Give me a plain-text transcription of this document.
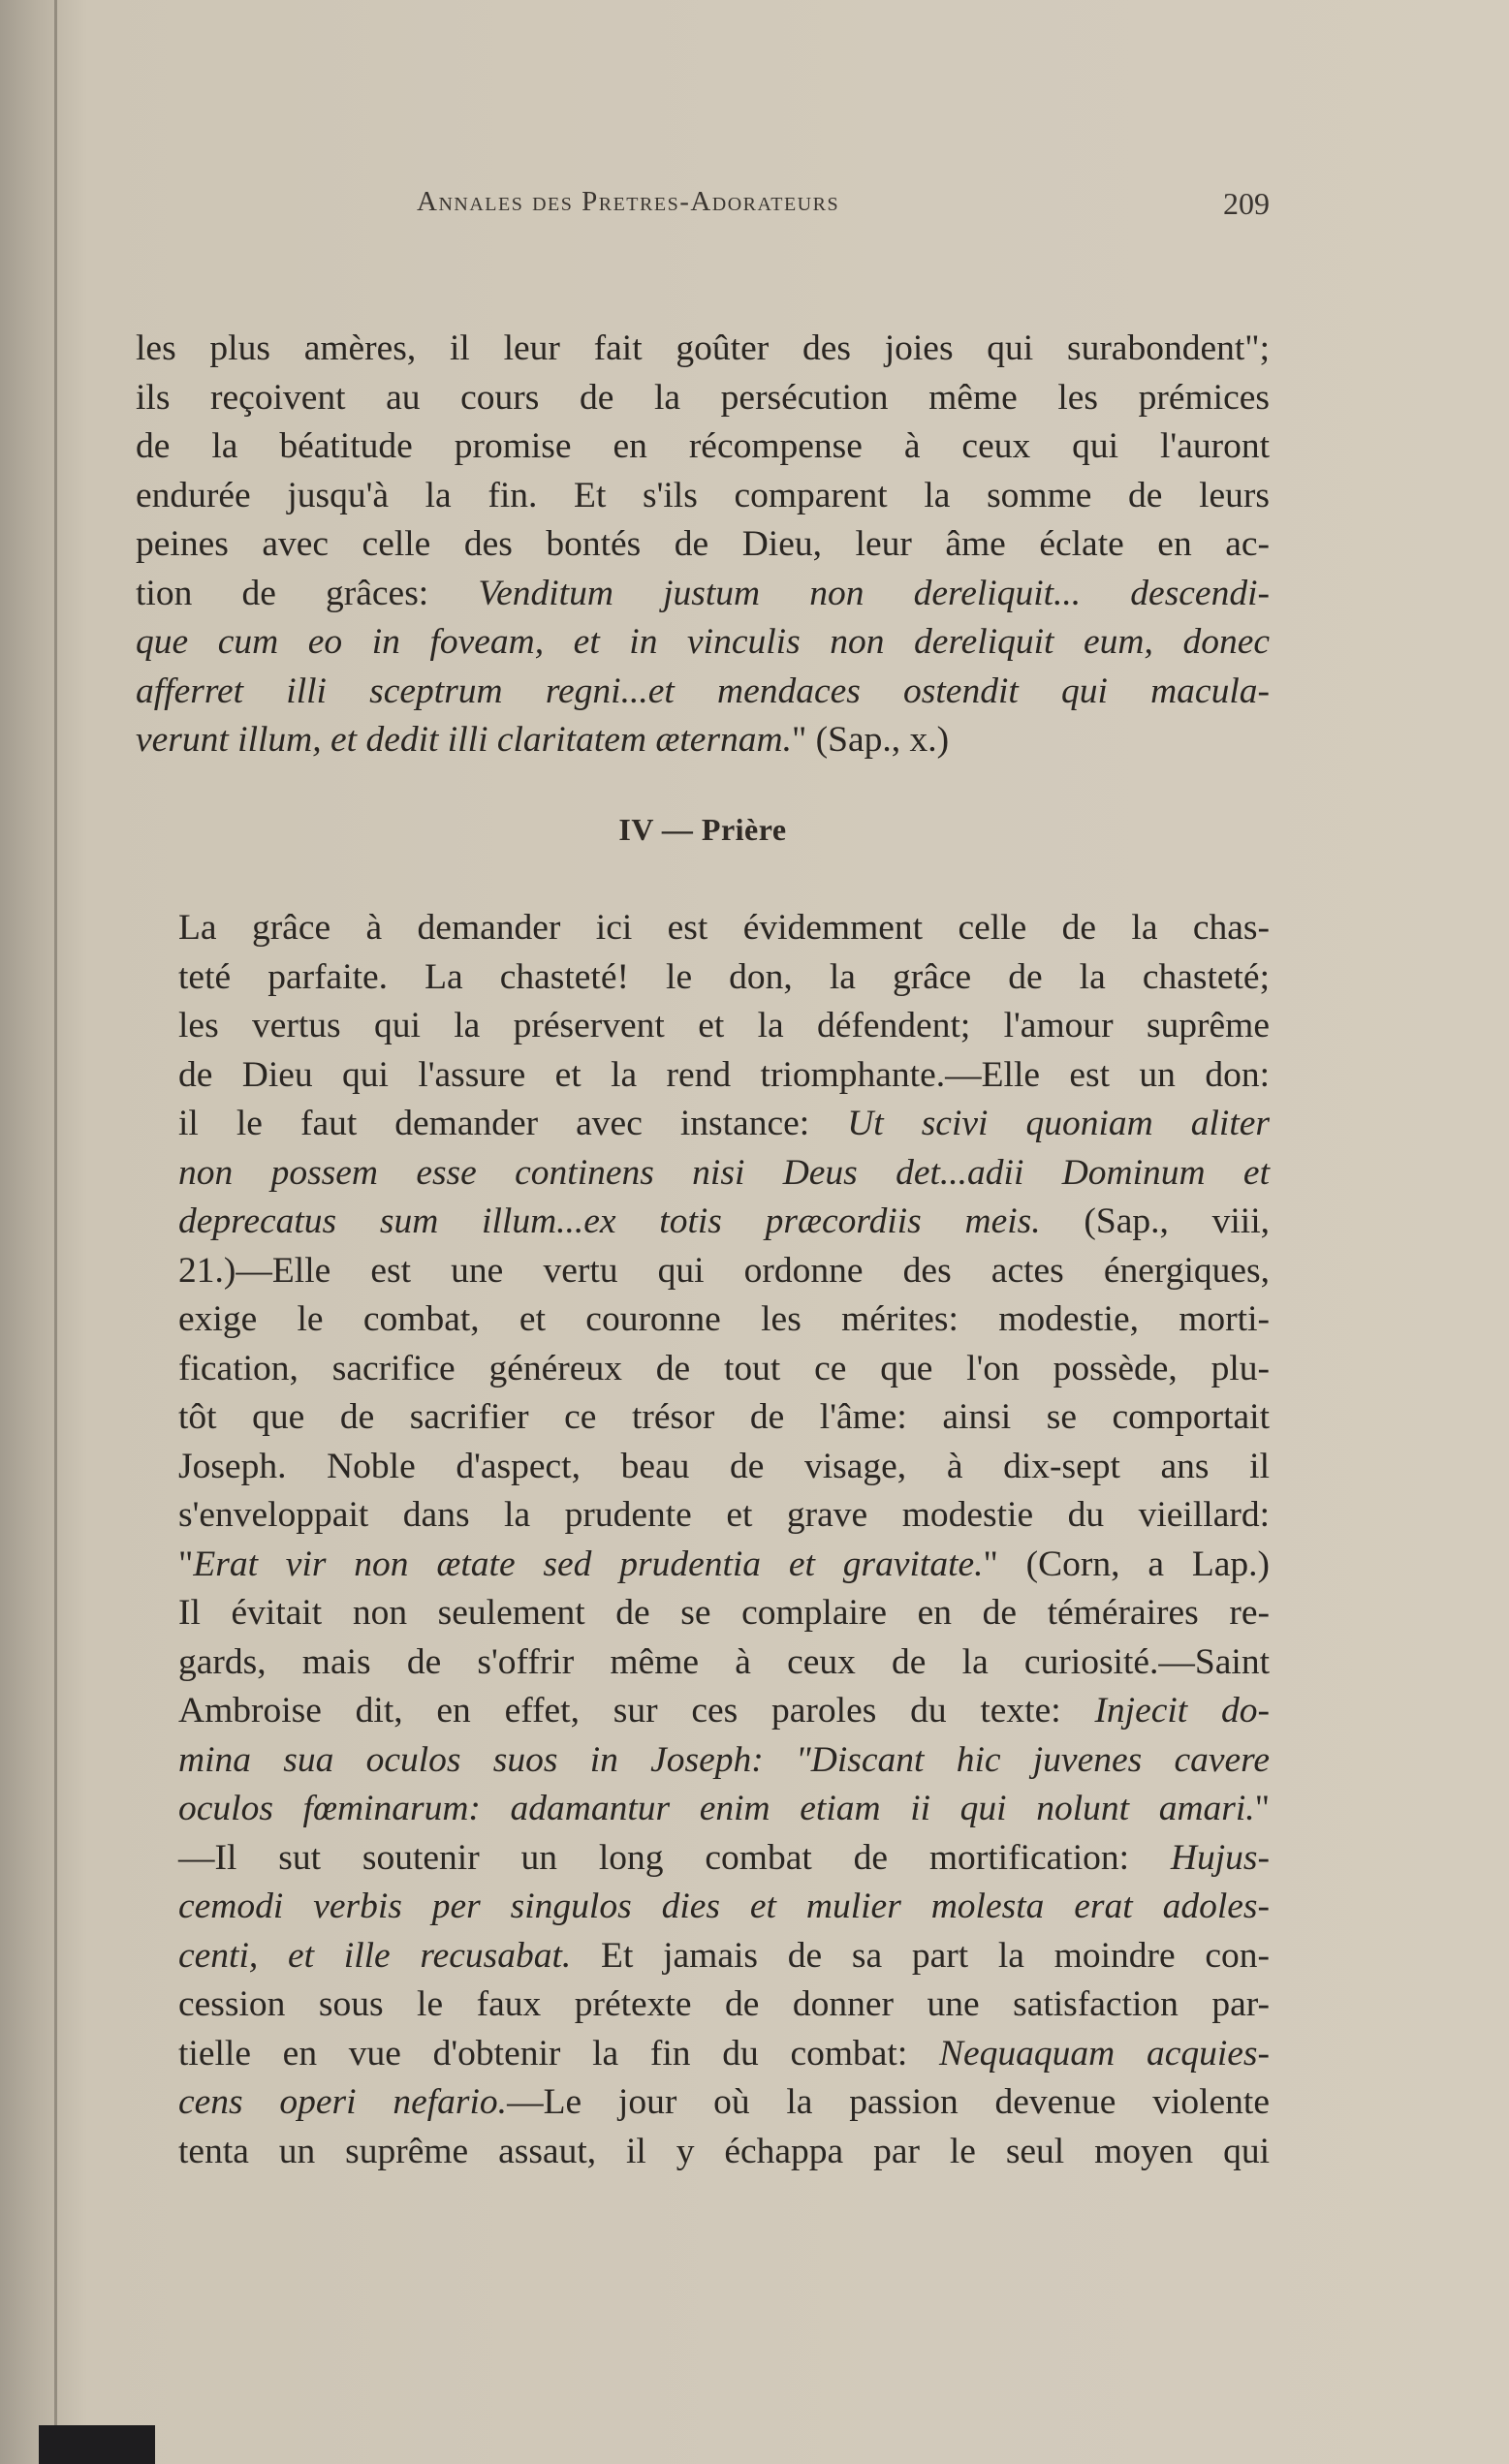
Annales des Pretres-Adorateurs	209
les plus amères, il leur fait goûter des joies qui surabondent";
ils reçoivent au cours de la persécution même les prémices
de la béatitude promise en récompense à ceux qui l'auront
endurée jusqu'à la fin. Et s'ils comparent la somme de leurs
peines avec celle des bontés de Dieu, leur âme éclate en ac-
tion de grâces: Venditum justum non dereliquit... descendi-
que cum eo in foveam, et in vinculis non dereliquit eum, donec
afferret illi sceptrum regni...et mendaces ostendit qui macula-
verunt illum, et dedit illi claritatem æternam." (Sap., x.)
IV — Prière
La grâce à demander ici est évidemment celle de la chas-
teté parfaite. La chasteté! le don, la grâce de la chasteté;
les vertus qui la préservent et la défendent; l'amour suprême
de Dieu qui l'assure et la rend triomphante.—Elle est un don:
il le faut demander avec instance: Ut scivi quoniam aliter
non possem esse continens nisi Deus det...adii Dominum et
deprecatus sum illum...ex totis præcordiis meis. (Sap., viii,
21.)—Elle est une vertu qui ordonne des actes énergiques,
exige le combat, et couronne les mérites: modestie, morti-
fication, sacrifice généreux de tout ce que l'on possède, plu-
tôt que de sacrifier ce trésor de l'âme: ainsi se comportait
Joseph. Noble d'aspect, beau de visage, à dix-sept ans il
s'enveloppait dans la prudente et grave modestie du vieillard:
"Erat vir non ætate sed prudentia et gravitate." (Corn, a Lap.)
Il évitait non seulement de se complaire en de téméraires re-
gards, mais de s'offrir même à ceux de la curiosité.—Saint
Ambroise dit, en effet, sur ces paroles du texte: Injecit do-
mina sua oculos suos in Joseph: "Discant hic juvenes cavere
oculos fœminarum: adamantur enim etiam ii qui nolunt amari."
—Il sut soutenir un long combat de mortification: Hujus-
cemodi verbis per singulos dies et mulier molesta erat adoles-
centi, et ille recusabat. Et jamais de sa part la moindre con-
cession sous le faux prétexte de donner une satisfaction par-
tielle en vue d'obtenir la fin du combat: Nequaquam acquies-
cens operi nefario.—Le jour où la passion devenue violente
tenta un suprême assaut, il y échappa par le seul moyen qui
